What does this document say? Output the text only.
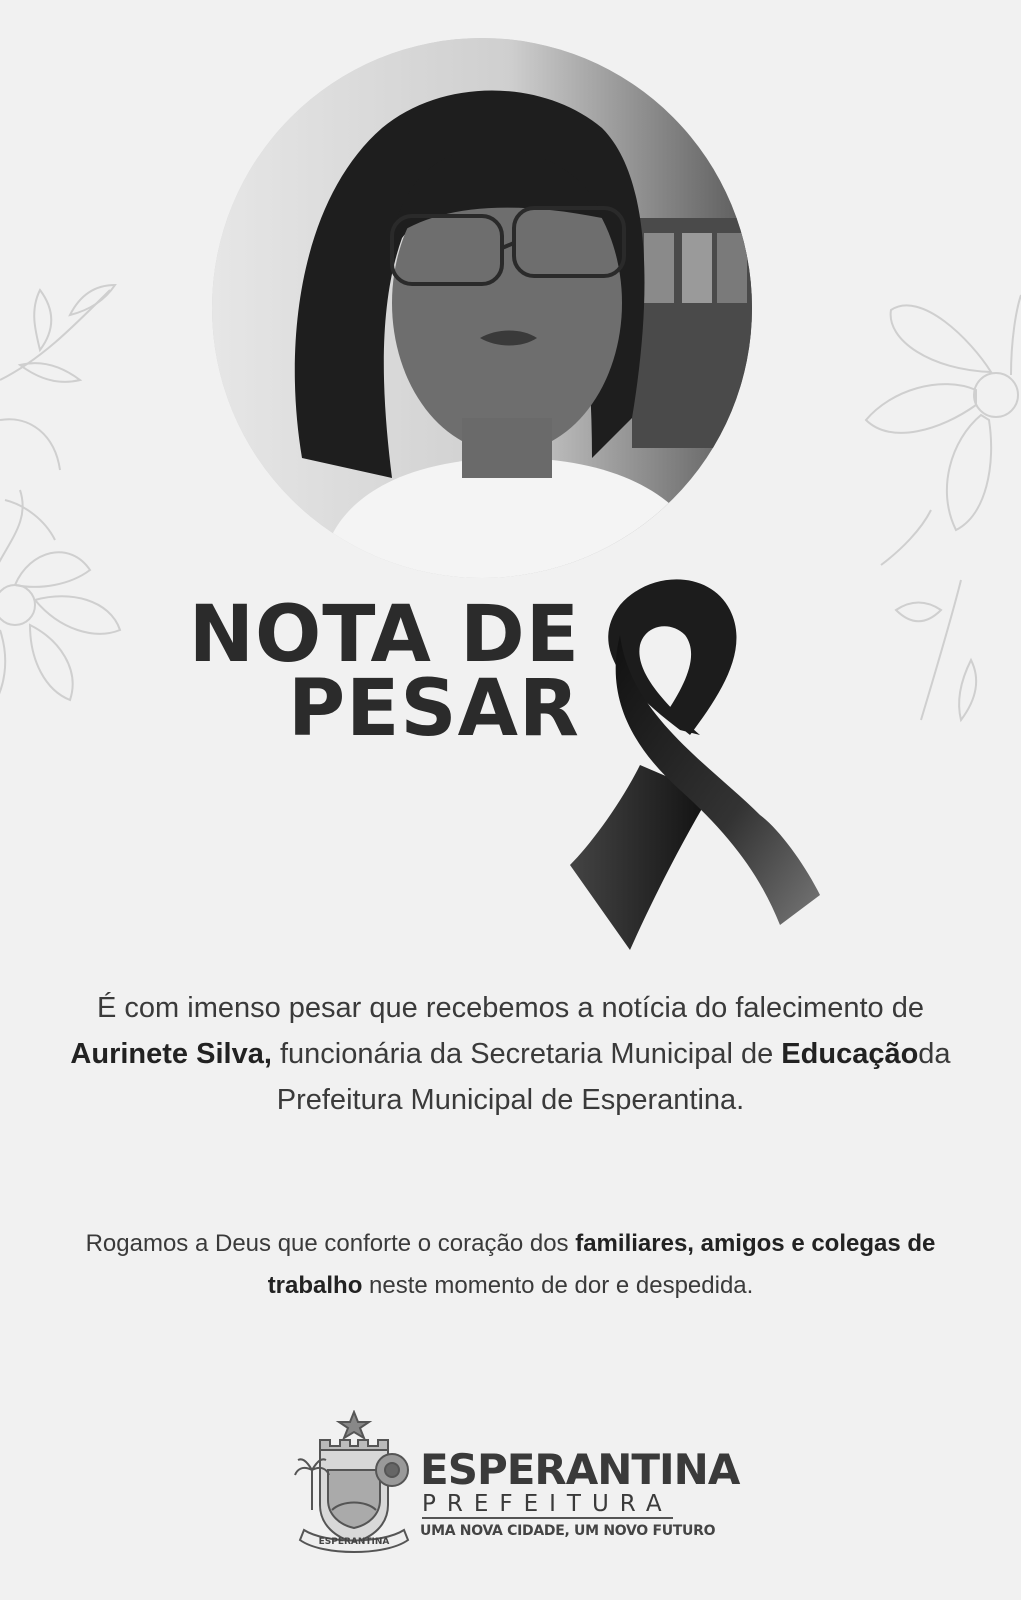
NOTA DE
PESAR
É com imenso pesar que recebemos a notícia do falecimento de Aurinete Silva, funcionária da Secretaria Municipal de Educaçãoda Prefeitura Municipal de Esperantina.
Rogamos a Deus que conforte o coração dos familiares, amigos e colegas de trabalho neste momento de dor e despedida.
ESPERANTINA
ESPERANTINA
PREFEITURA
UMA NOVA CIDADE, UM NOVO FUTURO
